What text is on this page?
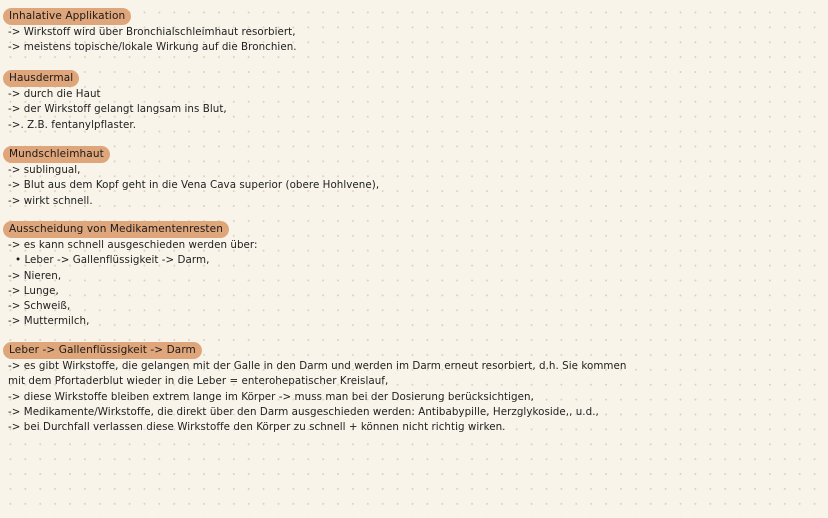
Inhalative Applikation
-> Wirkstoff wird über Bronchialschleimhaut resorbiert,
-> meistens topische/lokale Wirkung auf die Bronchien.
Hausdermal
-> durch die Haut
-> der Wirkstoff gelangt langsam ins Blut,
->. Z.B. fentanylpflaster.
Mundschleimhaut
-> sublingual,
-> Blut aus dem Kopf geht in die Vena Cava superior (obere Hohlvene),
-> wirkt schnell.
Ausscheidung von Medikamentenresten
-> es kann schnell ausgeschieden werden über:
• Leber -> Gallenflüssigkeit -> Darm,
-> Nieren,
-> Lunge,
-> Schweiß,
-> Muttermilch,
Leber -> Gallenflüssigkeit -> Darm
-> es gibt Wirkstoffe, die gelangen mit der Galle in den Darm und werden im Darm erneut resorbiert, d.h. Sie kommen
mit dem Pfortaderblut wieder in die Leber = enterohepatischer Kreislauf,
-> diese Wirkstoffe bleiben extrem lange im Körper -> muss man bei der Dosierung berücksichtigen,
-> Medikamente/Wirkstoffe, die direkt über den Darm ausgeschieden werden: Antibabypille, Herzglykoside,, u.d.,
-> bei Durchfall verlassen diese Wirkstoffe den Körper zu schnell + können nicht richtig wirken.
